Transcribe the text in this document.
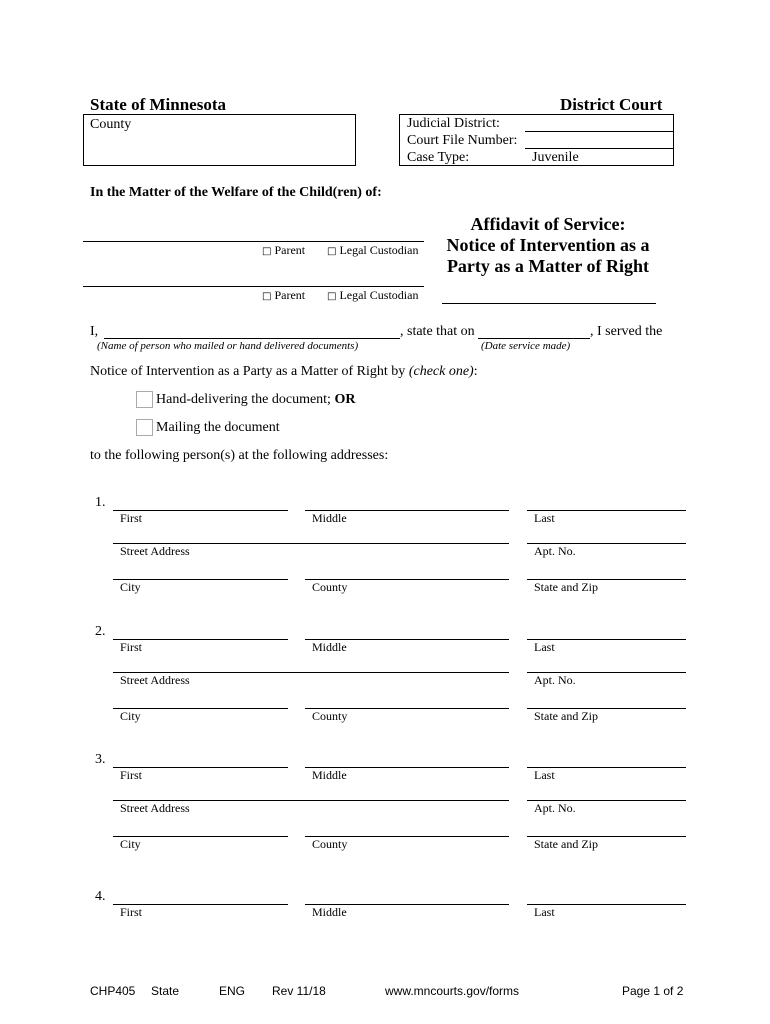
State of Minnesota	District Court
County	Judicial District:
Court File Number:
Case Type:	Juvenile
In the Matter of the Welfare of the Child(ren) of:
□ Parent □ Legal Custodian
□ Parent □ Legal Custodian
Affidavit of Service:
Notice of Intervention as a
Party as a Matter of Right
I,	, state that on	, I served the
(Name of person who mailed or hand delivered documents)	(Date service made)
Notice of Intervention as a Party as a Matter of Right by (check one):
Hand-delivering the document; OR
Mailing the document
to the following person(s) at the following addresses:
1.
First	Middle	Last
Street Address	Apt. No.
City	County	State and Zip
2.
First	Middle	Last
Street Address	Apt. No.
City	County	State and Zip
3.
First	Middle	Last
Street Address	Apt. No.
City	County	State and Zip
4.
First	Middle	Last
CHP405 State	ENG Rev 11/18	www.mncourts.gov/forms	Page 1 of 2
